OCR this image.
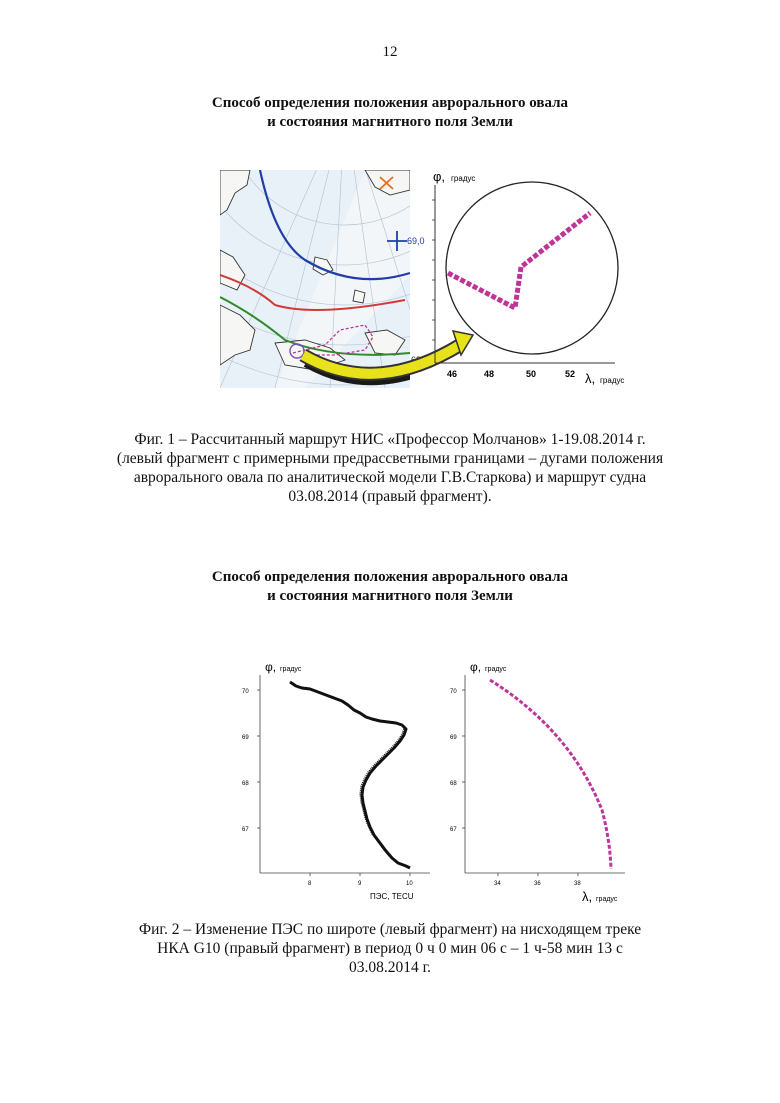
12
Способ определения положения аврорального овала
и состояния магнитного поля Земли
69,0
68,0
φ, градус
46	48	50	52 λ, градус
Фиг. 1 – Рассчитанный маршрут НИС «Профессор Молчанов» 1-19.08.2014 г.
(левый фрагмент с примерными предрассветными границами – дугами положения
аврорального овала по аналитической модели Г.В.Старкова) и маршрут судна
03.08.2014 (правый фрагмент).
Способ определения положения аврорального овала
и состояния магнитного поля Земли
φ, градус
70
69
68
67
8	9	10
ПЭС, TECU
φ, градус
70
69
68
67
34	36	38
λ, градус
Фиг. 2 – Изменение ПЭС по широте (левый фрагмент) на нисходящем треке
НКА G10 (правый фрагмент) в период 0 ч 0 мин 06 с – 1 ч-58 мин 13 с
03.08.2014 г.
